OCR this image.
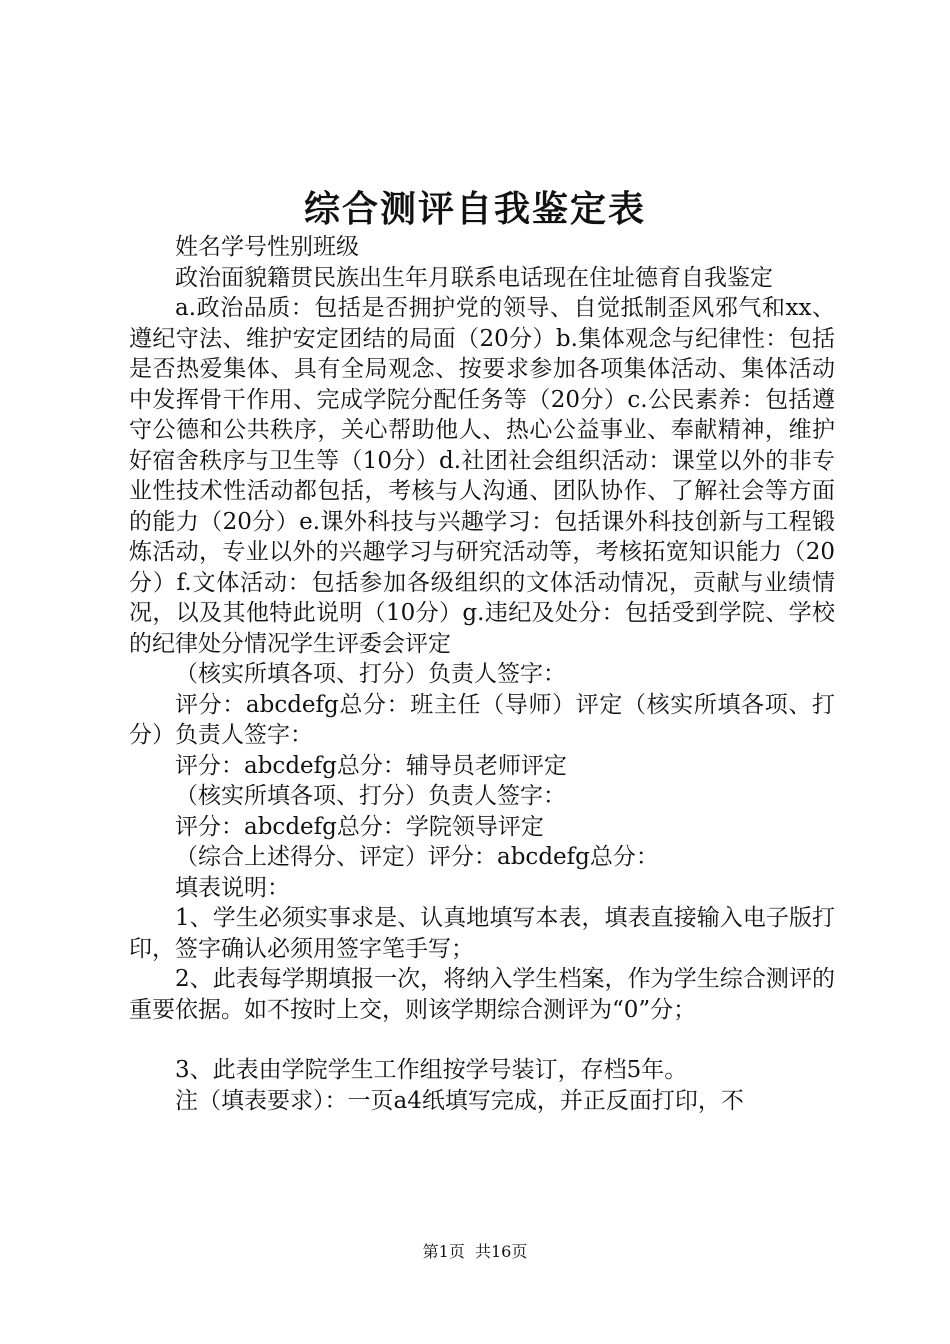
综合测评自我鉴定表

姓名学号性别班级

政治面貌籍贯民族出生年月联系电话现在住址德育自我鉴定

a.政治品质：包括是否拥护党的领导、自觉抵制歪风邪气和xx、遵纪守法、维护安定团结的局面（20分）b.集体观念与纪律性：包括是否热爱集体、具有全局观念、按要求参加各项集体活动、集体活动中发挥骨干作用、完成学院分配任务等（20分）c.公民素养：包括遵守公德和公共秩序，关心帮助他人、热心公益事业、奉献精神，维护好宿舍秩序与卫生等（10分）d.社团社会组织活动：课堂以外的非专业性技术性活动都包括，考核与人沟通、团队协作、了解社会等方面的能力（20分）e.课外科技与兴趣学习：包括课外科技创新与工程锻炼活动，专业以外的兴趣学习与研究活动等，考核拓宽知识能力（20分）f.文体活动：包括参加各级组织的文体活动情况，贡献与业绩情况，以及其他特此说明（10分）g.违纪及处分：包括受到学院、学校的纪律处分情况学生评委会评定

（核实所填各项、打分）负责人签字：

评分：abcdefg总分：班主任（导师）评定（核实所填各项、打分）负责人签字：

评分：abcdefg总分：辅导员老师评定

（核实所填各项、打分）负责人签字：

评分：abcdefg总分：学院领导评定

（综合上述得分、评定）评分：abcdefg总分：

填表说明：

1、学生必须实事求是、认真地填写本表，填表直接输入电子版打印，签字确认必须用签字笔手写；

2、此表每学期填报一次，将纳入学生档案，作为学生综合测评的重要依据。如不按时上交，则该学期综合测评为“0”分；

3、此表由学院学生工作组按学号装订，存档5年。

注（填表要求）：一页a4纸填写完成，并正反面打印，不

第1页  共16页
